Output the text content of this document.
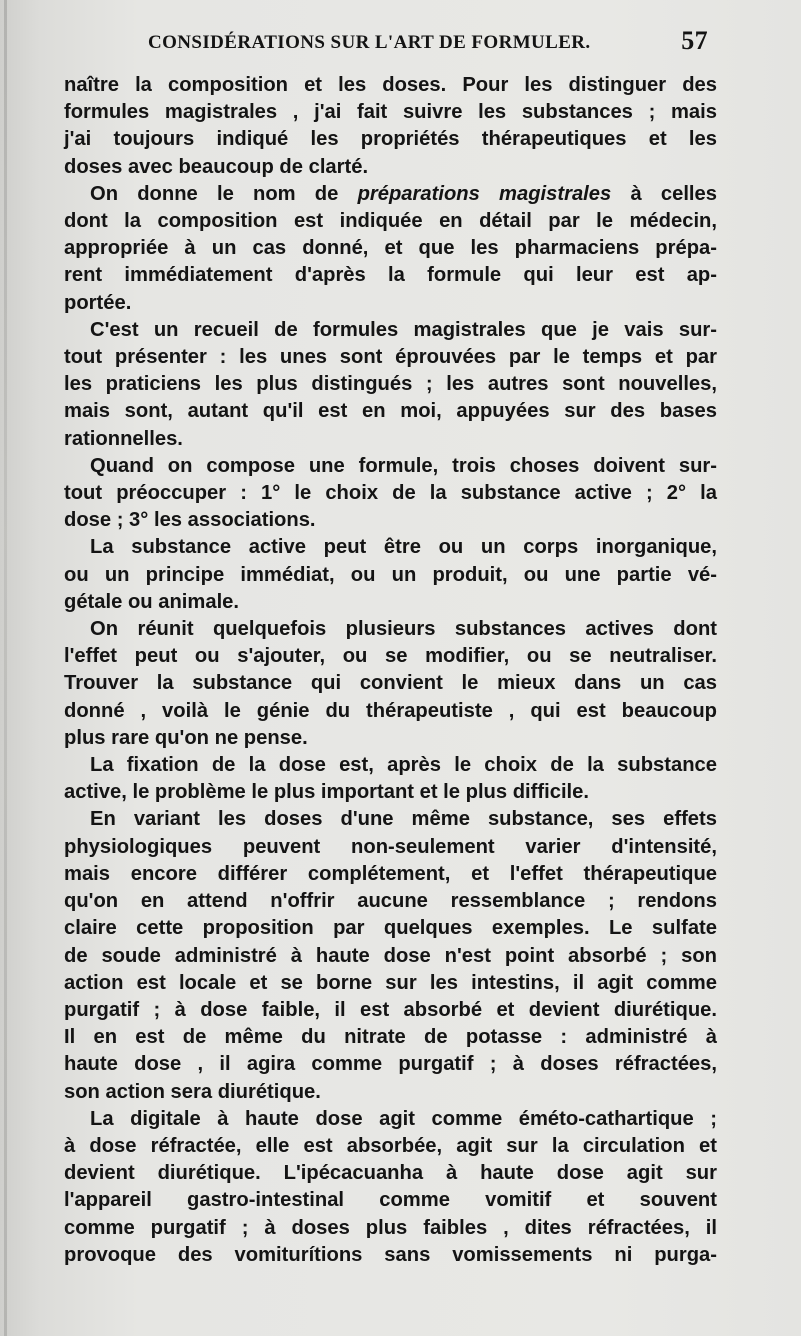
CONSIDÉRATIONS SUR L'ART DE FORMULER.	57

naître la composition et les doses. Pour les distinguer des

formules magistrales , j'ai fait suivre les substances ; mais

j'ai toujours indiqué les propriétés thérapeutiques et les

doses avec beaucoup de clarté.

On donne le nom de préparations magistrales à celles

dont la composition est indiquée en détail par le médecin,

appropriée à un cas donné, et que les pharmaciens prépa-

rent immédiatement d'après la formule qui leur est ap-

portée.

C'est un recueil de formules magistrales que je vais sur-

tout présenter : les unes sont éprouvées par le temps et par

les praticiens les plus distingués ; les autres sont nouvelles,

mais sont, autant qu'il est en moi, appuyées sur des bases

rationnelles.

Quand on compose une formule, trois choses doivent sur-

tout préoccuper : 1° le choix de la substance active ; 2° la

dose ; 3° les associations.

La substance active peut être ou un corps inorganique,

ou un principe immédiat, ou un produit, ou une partie vé-

gétale ou animale.

On réunit quelquefois plusieurs substances actives dont

l'effet peut ou s'ajouter, ou se modifier, ou se neutraliser.

Trouver la substance qui convient le mieux dans un cas

donné , voilà le génie du thérapeutiste , qui est beaucoup

plus rare qu'on ne pense.

La fixation de la dose est, après le choix de la substance

active, le problème le plus important et le plus difficile.

En variant les doses d'une même substance, ses effets

physiologiques peuvent non-seulement varier d'intensité,

mais encore différer complétement, et l'effet thérapeutique

qu'on en attend n'offrir aucune ressemblance ; rendons

claire cette proposition par quelques exemples. Le sulfate

de soude administré à haute dose n'est point absorbé ; son

action est locale et se borne sur les intestins, il agit comme

purgatif ; à dose faible, il est absorbé et devient diurétique.

Il en est de même du nitrate de potasse : administré à

haute dose , il agira comme purgatif ; à doses réfractées,

son action sera diurétique.

La digitale à haute dose agit comme éméto-cathartique ;

à dose réfractée, elle est absorbée, agit sur la circulation et

devient diurétique. L'ipécacuanha à haute dose agit sur

l'appareil gastro-intestinal comme vomitif et souvent

comme purgatif ; à doses plus faibles , dites réfractées, il

provoque des vomiturítions sans vomissements ni purga-
